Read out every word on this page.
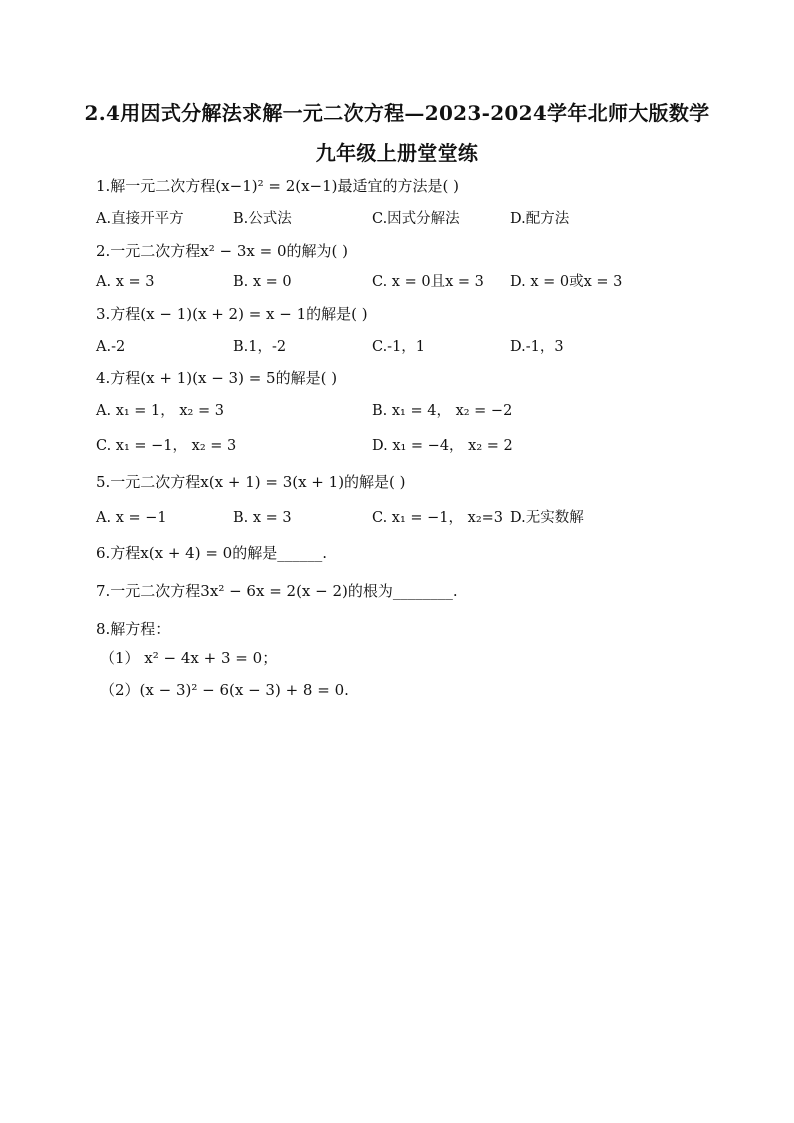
2.4用因式分解法求解一元二次方程—2023-2024学年北师大版数学
九年级上册堂堂练
1.解一元二次方程(x−1)² = 2(x−1)最适宜的方法是( )
A.直接开平方	B.公式法	C.因式分解法	D.配方法
2.一元二次方程x² − 3x = 0的解为( )
A. x = 3	B. x = 0	C. x = 0且x = 3 D. x = 0或x = 3
3.方程(x − 1)(x + 2) = x − 1的解是( )
A.-2	B.1，-2	C.-1，1	D.-1，3
4.方程(x + 1)(x − 3) = 5的解是( )
A. x₁ = 1， x₂ = 3	B. x₁ = 4， x₂ = −2
C. x₁ = −1， x₂ = 3	D. x₁ = −4， x₂ = 2
5.一元二次方程x(x + 1) = 3(x + 1)的解是( )
A. x = −1	B. x = 3	C. x₁ = −1， x₂=3 D.无实数解
6.方程x(x + 4) = 0的解是______.
7.一元二次方程3x² − 6x = 2(x − 2)的根为________.
8.解方程：
（1） x² − 4x + 3 = 0；
（2）(x − 3)² − 6(x − 3) + 8 = 0.
